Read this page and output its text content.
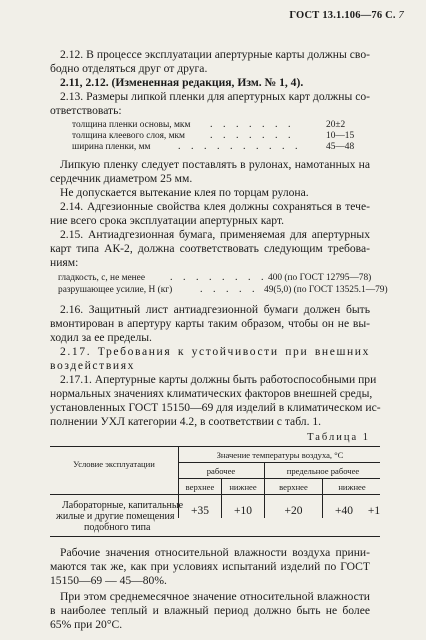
ГОСТ 13.1.106—76 С. 7
2.12. В процессе эксплуатации апертурные карты должны сво-
бодно отделяться друг от друга.
2.11, 2.12. (Измененная редакция, Изм. № 1, 4).
2.13. Размеры липкой пленки для апертурных карт должны со-
ответствовать:
толщина пленки основы, мкм . . . . . . .	20±2
толщина клеевого слоя, мкм	. . . . . . .	10—15
ширина пленки, мм	. . . . . . . . . .	45—48
Липкую пленку следует поставлять в рулонах, намотанных на
сердечник диаметром 25 мм.
Не допускается вытекание клея по торцам рулона.
2.14. Адгезионные свойства клея должны сохраняться в тече-
ние всего срока эксплуатации апертурных карт.
2.15. Антиадгезионная бумага, применяемая для апертурных
карт типа АК-2, должна соответствовать следующим требова-
ниям:
гладкость, с, не менее . . . . . . . . 400 (по ГОСТ 12795—78)
разрушающее усилие, Н (кг)	. . . . . 49(5,0) (по ГОСТ 13525.1—79)
2.16. Защитный лист антиадгезионной бумаги должен быть
вмонтирован в апертуру карты таким образом, чтобы он не вы-
ходил за ее пределы.
2.17. Требования к устойчивости при внешних
воздействиях
2.17.1. Апертурные карты должны быть работоспособными при
нормальных значениях климатических факторов внешней среды,
установленных ГОСТ 15150—69 для изделий в климатическом ис-
полнении УХЛ категории 4.2, в соответствии с табл. 1.
Таблица 1
Условие эксплуатации
Значение температуры воздуха, °С
рабочее	предельное рабочее
верхнее	нижнее	верхнее	нижнее
Лабораторные, капитальные
жилые и другие помещения
подобного типа
+35	+10	+20	+40	+1
Рабочие значения относительной влажности воздуха прини-
маются так же, как при условиях испытаний изделий по ГОСТ
15150—69 — 45—80%.
При этом среднемесячное значение относительной влажности
в наиболее теплый и влажный период должно быть не более
65% при 20°С.
